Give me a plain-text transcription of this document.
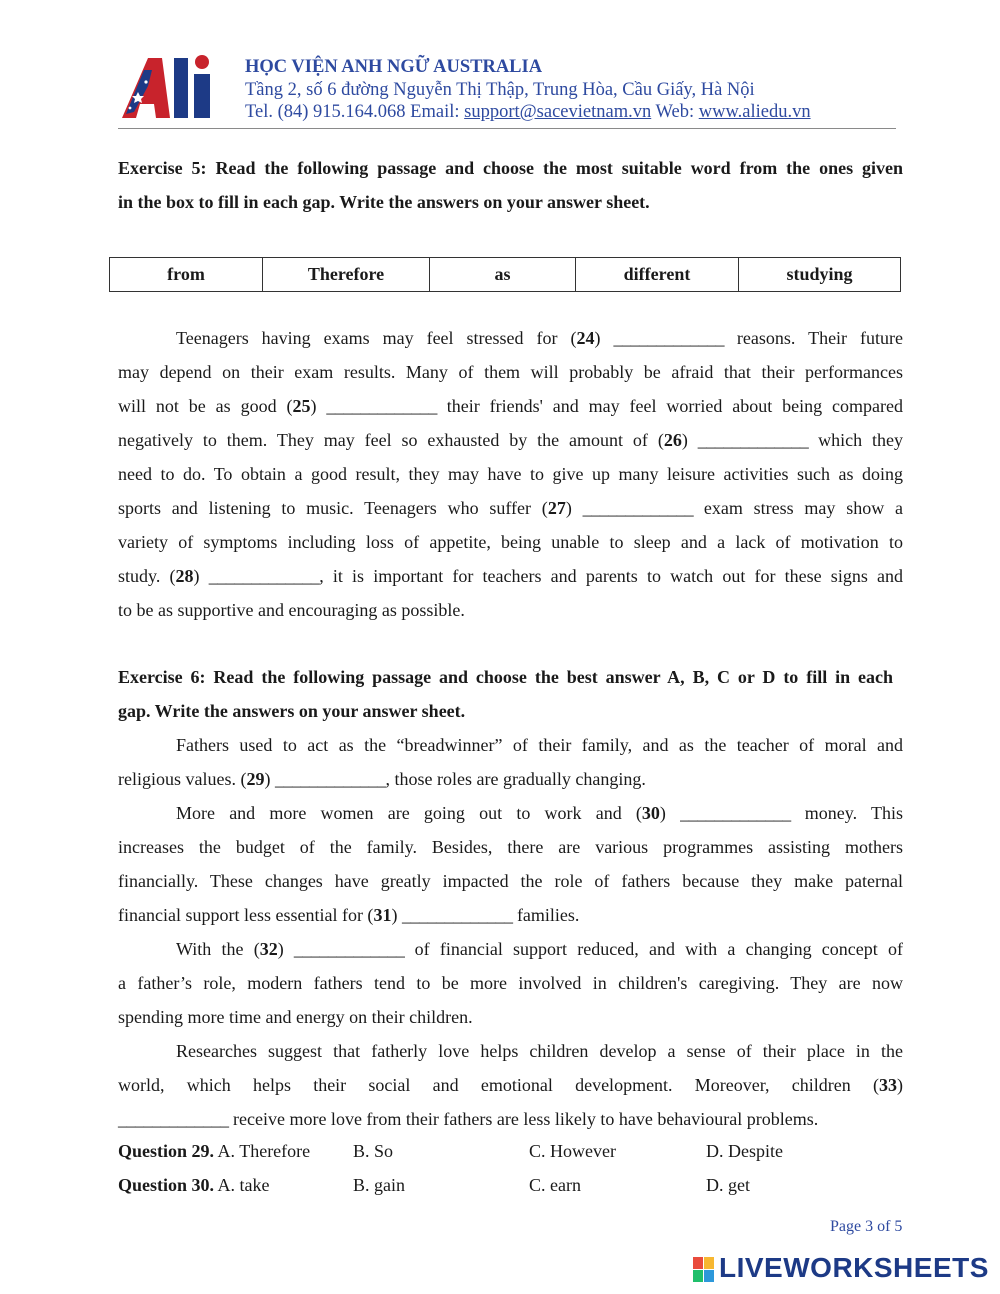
HỌC VIỆN ANH NGỮ AUSTRALIA
Tầng 2, số 6 đường Nguyễn Thị Thập, Trung Hòa, Cầu Giấy, Hà Nội
Tel. (84) 915.164.068 Email: support@sacevietnam.vn Web: www.aliedu.vn
Exercise 5: Read the following passage and choose the most suitable word from the ones given
in the box to fill in each gap. Write the answers on your answer sheet.
from	Therefore	as	different	studying
Teenagers having exams may feel stressed for (24) _____________ reasons. Their future
may depend on their exam results. Many of them will probably be afraid that their performances
will not be as good (25) _____________ their friends' and may feel worried about being compared
negatively to them. They may feel so exhausted by the amount of (26) _____________ which they
need to do. To obtain a good result, they may have to give up many leisure activities such as doing
sports and listening to music. Teenagers who suffer (27) _____________ exam stress may show a
variety of symptoms including loss of appetite, being unable to sleep and a lack of motivation to
study. (28) _____________, it is important for teachers and parents to watch out for these signs and
to be as supportive and encouraging as possible.
Exercise 6: Read the following passage and choose the best answer A, B, C or D to fill in each
gap. Write the answers on your answer sheet.
Fathers used to act as the “breadwinner” of their family, and as the teacher of moral and
religious values. (29) _____________, those roles are gradually changing.
More and more women are going out to work and (30) _____________ money. This
increases the budget of the family. Besides, there are various programmes assisting mothers
financially. These changes have greatly impacted the role of fathers because they make paternal
financial support less essential for (31) _____________ families.
With the (32) _____________ of financial support reduced, and with a changing concept of
a father’s role, modern fathers tend to be more involved in children's caregiving. They are now
spending more time and energy on their children.
Researches suggest that fatherly love helps children develop a sense of their place in the
world, which helps their social and emotional development. Moreover, children (33)
_____________ receive more love from their fathers are less likely to have behavioural problems.
Question 29. A. Therefore B. So	C. However	D. Despite
Question 30. A. take	B. gain	C. earn	D. get
Page 3 of 5
LIVEWORKSHEETS
